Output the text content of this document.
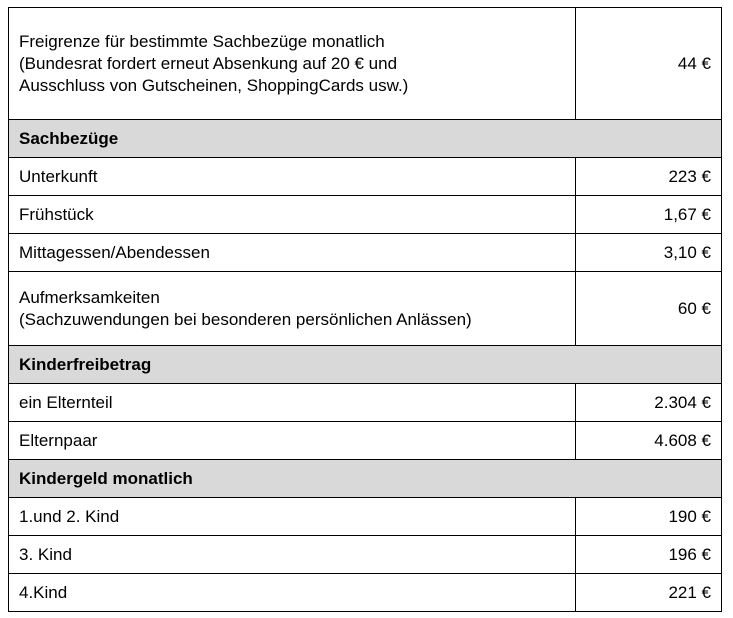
Freigrenze für bestimmte Sachbezüge monatlich
(Bundesrat fordert erneut Absenkung auf 20 € und
Ausschluss von Gutscheinen, ShoppingCards usw.)	44 €
Sachbezüge	
Unterkunft	223 €
Frühstück	1,67 €
Mittagessen/Abendessen	3,10 €

Aufmerksamkeiten
(Sachzuwendungen bei besonderen persönlichen Anlässen)	60 €
Kinderfreibetrag	
ein Elternteil	2.304 €
Elternpaar	4.608 €
Kindergeld monatlich	
1.und 2. Kind	190 €
3. Kind	196 €
4.Kind	221 €
